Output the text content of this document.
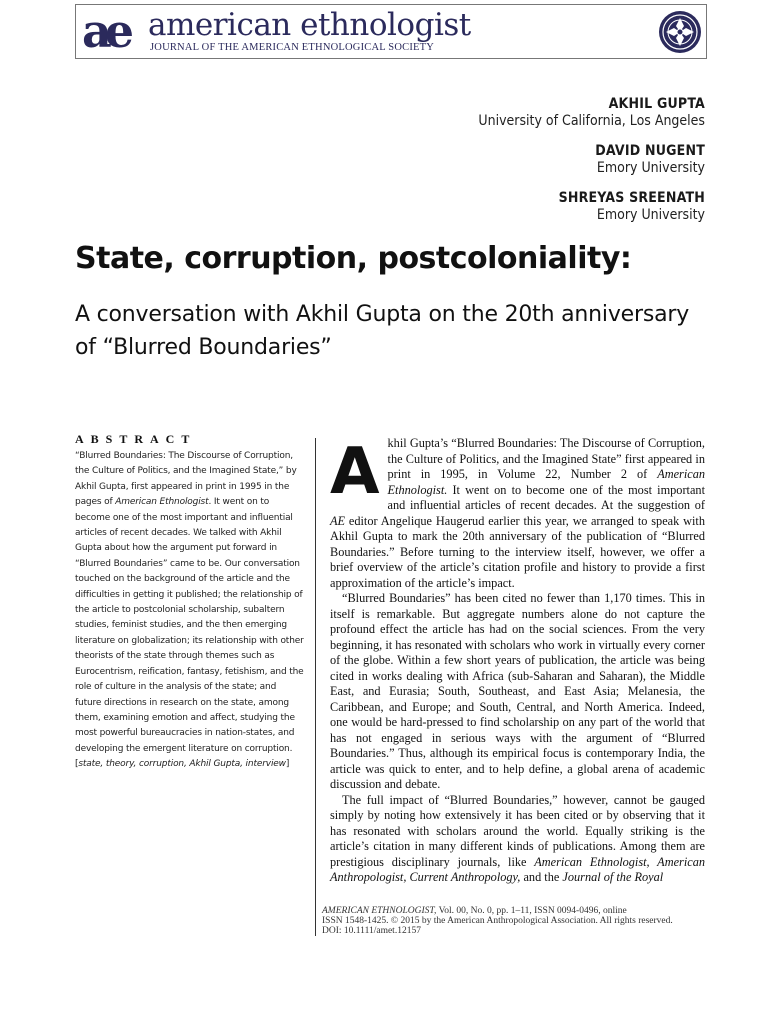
ae american ethnologist
JOURNAL OF THE AMERICAN ETHNOLOGICAL SOCIETY
AKHIL GUPTA
University of California, Los Angeles
DAVID NUGENT
Emory University
SHREYAS SREENATH
Emory University
State, corruption, postcoloniality:
A conversation with Akhil Gupta on the 20th anniversary of “Blurred Boundaries”
ABSTRACT
“Blurred Boundaries: The Discourse of Corruption, the Culture of Politics, and the Imagined State,” by Akhil Gupta, first appeared in print in 1995 in the pages of American Ethnologist. It went on to become one of the most important and influential articles of recent decades. We talked with Akhil Gupta about how the argument put forward in “Blurred Boundaries” came to be. Our conversation touched on the background of the article and the difficulties in getting it published; the relationship of the article to postcolonial scholarship, subaltern studies, feminist studies, and the then emerging literature on globalization; its relationship with other theorists of the state through themes such as Eurocentrism, reification, fantasy, fetishism, and the role of culture in the analysis of the state; and future directions in research on the state, among them, examining emotion and affect, studying the most powerful bureaucracies in nation-states, and developing the emergent literature on corruption. [state, theory, corruption, Akhil Gupta, interview]

Akhil Gupta’s “Blurred Boundaries: The Discourse of Corruption, the Culture of Politics, and the Imagined State” first appeared in print in 1995, in Volume 22, Number 2 of American Ethnologist. It went on to become one of the most important and influential articles of recent decades. At the suggestion of AE editor Angelique Haugerud earlier this year, we arranged to speak with Akhil Gupta to mark the 20th anniversary of the publication of “Blurred Boundaries.” Before turning to the interview itself, however, we offer a brief overview of the article’s citation profile and history to provide a first approximation of the article’s impact.

“Blurred Boundaries” has been cited no fewer than 1,170 times. This in itself is remarkable. But aggregate numbers alone do not capture the profound effect the article has had on the social sciences. From the very beginning, it has resonated with scholars who work in virtually every corner of the globe. Within a few short years of publication, the article was being cited in works dealing with Africa (sub-Saharan and Saharan), the Middle East, and Eurasia; South, Southeast, and East Asia; Melanesia, the Caribbean, and Europe; and South, Central, and North America. Indeed, one would be hard-pressed to find scholarship on any part of the world that has not engaged in serious ways with the argument of “Blurred Boundaries.” Thus, although its empirical focus is contemporary India, the article was quick to enter, and to help define, a global arena of academic discussion and debate.

The full impact of “Blurred Boundaries,” however, cannot be gauged simply by noting how extensively it has been cited or by observing that it has resonated with scholars around the world. Equally striking is the article’s citation in many different kinds of publications. Among them are prestigious disciplinary journals, like American Ethnologist, American Anthropologist, Current Anthropology, and the Journal of the Royal

AMERICAN ETHNOLOGIST, Vol. 00, No. 0, pp. 1–11, ISSN 0094-0496, online
ISSN 1548-1425. © 2015 by the American Anthropological Association. All rights reserved.
DOI: 10.1111/amet.12157
